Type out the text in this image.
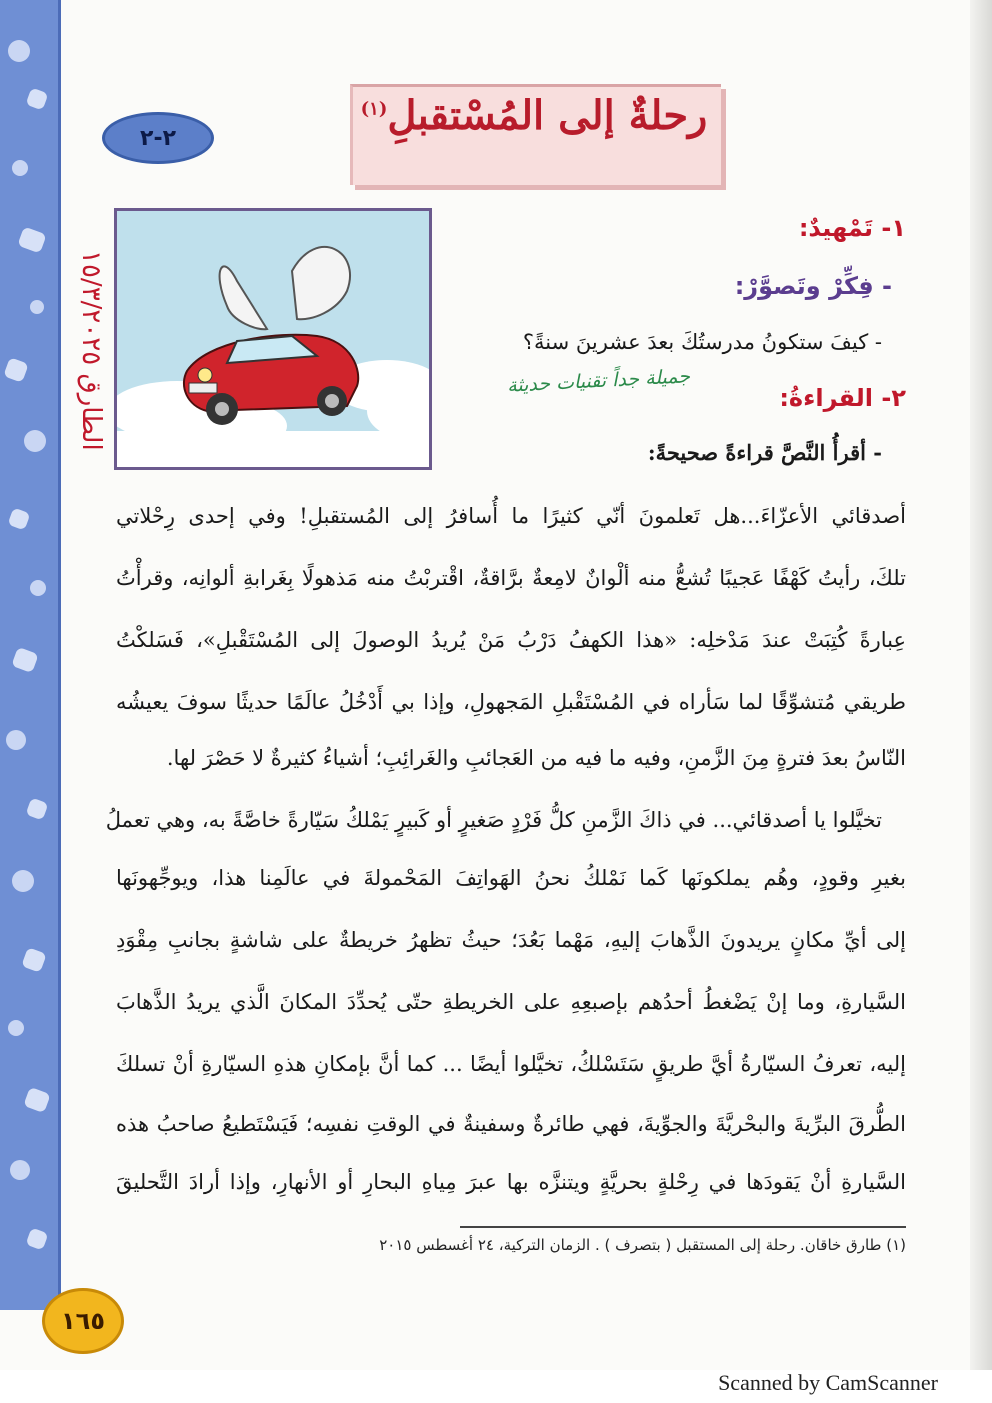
٢-٢	رحلةٌ إلى المُسْتقبلِ$^{(١)}$
الطارق ١٥/٣/٢٠٢٥
١- تَمْهيدٌ:
- فِكِّرْ وتَصوَّرْ:
- كيفَ ستكونُ مدرستُكَ بعدَ عشرينَ سنةً؟
جميلة جداً تقنيات حديثة
٢- القراءةُ:
- أقرأُ النَّصَّ قراءةً صحيحةً:
أصدقائي الأعزّاءَ...هل تَعلمونَ أنّي كثيرًا ما أُسافرُ إلى المُستقبلِ! وفي إحدى رِحْلاتي
تلكَ، رأيتُ كَهْفًا عَجيبًا تُشعُّ منه ألْوانٌ لامِعةٌ برَّاقةٌ، اقْتربْتُ منه مَذهولًا بِغَرابةِ ألوانِه، وقرأْتُ
عِبارةً كُتِبَتْ عندَ مَدْخلِه: «هذا الكهفُ دَرْبُ مَنْ يُريدُ الوصولَ إلى المُسْتَقْبلِ»، فَسَلكْتُ
طريقي مُتشوِّقًا لما سَأراه في المُسْتَقْبلِ المَجهولِ، وإذا بي أَدْخُلُ عالَمًا حديثًا سوفَ يعيشُه
النّاسُ بعدَ فترةٍ مِنَ الزَّمنِ، وفيه ما فيه من العَجائبِ والغَرائِبِ؛ أشياءُ كثيرةٌ لا حَصْرَ لها.
تخيَّلوا يا أصدقائي... في ذاكَ الزَّمنِ كلُّ فَرْدٍ صَغيرٍ أو كَبيرٍ يَمْلكُ سَيّارةً خاصَّةً به، وهي تعملُ
بغيرِ وقودٍ، وهُم يملكونَها كَما نَمْلكُ نحنُ الهَواتِفَ المَحْمولةَ في عالَمِنا هذا، ويوجِّهونَها
إلى أيِّ مكانٍ يريدونَ الذَّهابَ إليهِ، مَهْما بَعُدَ؛ حيثُ تظهرُ خريطةٌ على شاشةٍ بجانبِ مِقْوَدِ
السَّيارةِ، وما إنْ يَضْغطُ أحدُهم بإصبعِهِ على الخريطةِ حتّى يُحدِّدَ المكانَ الَّذي يريدُ الذَّهابَ
إليه، تعرفُ السيّارةُ أيَّ طريقٍ سَتَسْلكُ، تخيَّلوا أيضًا ... كما أنَّ بإمكانِ هذهِ السيّارةِ أنْ تسلكَ
الطُّرقَ البرِّيةَ والبحْريَّةَ والجوِّيةَ، فهي طائرةٌ وسفينةٌ في الوقتِ نفسِه؛ فَيَسْتَطيعُ صاحبُ هذه
السَّيارةِ أنْ يَقودَها في رِحْلةٍ بحريَّةٍ ويتنزَّه بها عبرَ مِياهِ البحارِ أو الأنهارِ، وإذا أرادَ التَّحليقَ
(١) طارق خاقان. رحلة إلى المستقبل ( بتصرف ) . الزمان التركية، ٢٤ أغسطس ٢٠١٥
١٦٥
Scanned by CamScanner
